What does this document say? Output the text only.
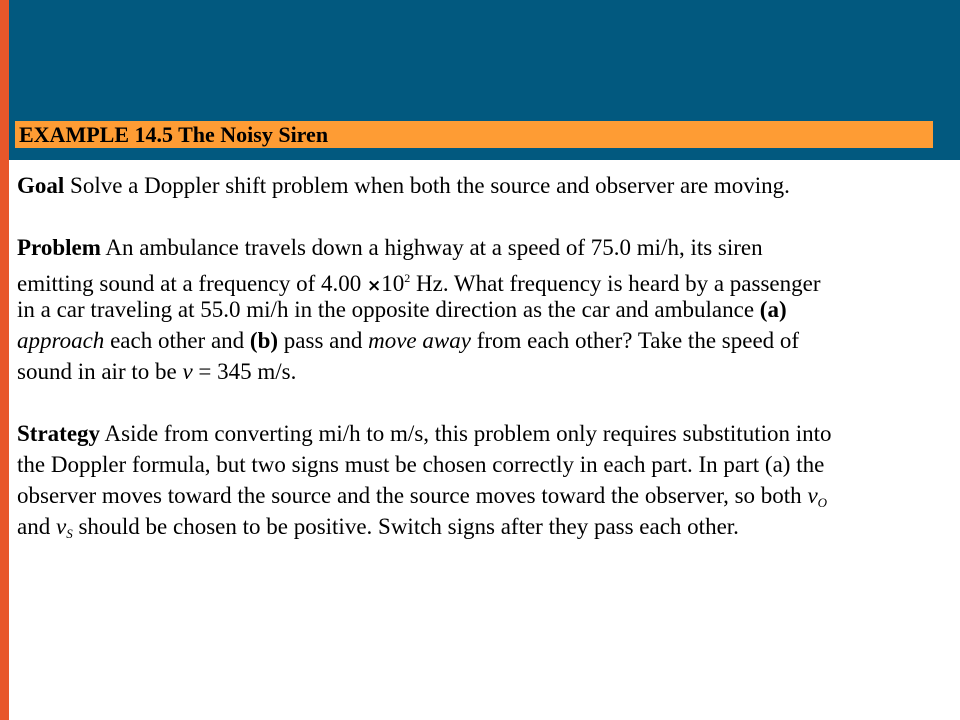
EXAMPLE 14.5 The Noisy Siren
Goal Solve a Doppler shift problem when both the source and observer are moving.
Problem An ambulance travels down a highway at a speed of 75.0 mi/h, its siren
emitting sound at a frequency of $4.00 \times 10^2$ Hz. What frequency is heard by a passenger
in a car traveling at 55.0 mi/h in the opposite direction as the car and ambulance (a)
approach each other and (b) pass and move away from each other? Take the speed of
sound in air to be v = 345 m/s.
Strategy Aside from converting mi/h to m/s, this problem only requires substitution into
the Doppler formula, but two signs must be chosen correctly in each part. In part (a) the
observer moves toward the source and the source moves toward the observer, so both $v_O$
and $v_S$ should be chosen to be positive. Switch signs after they pass each other.
